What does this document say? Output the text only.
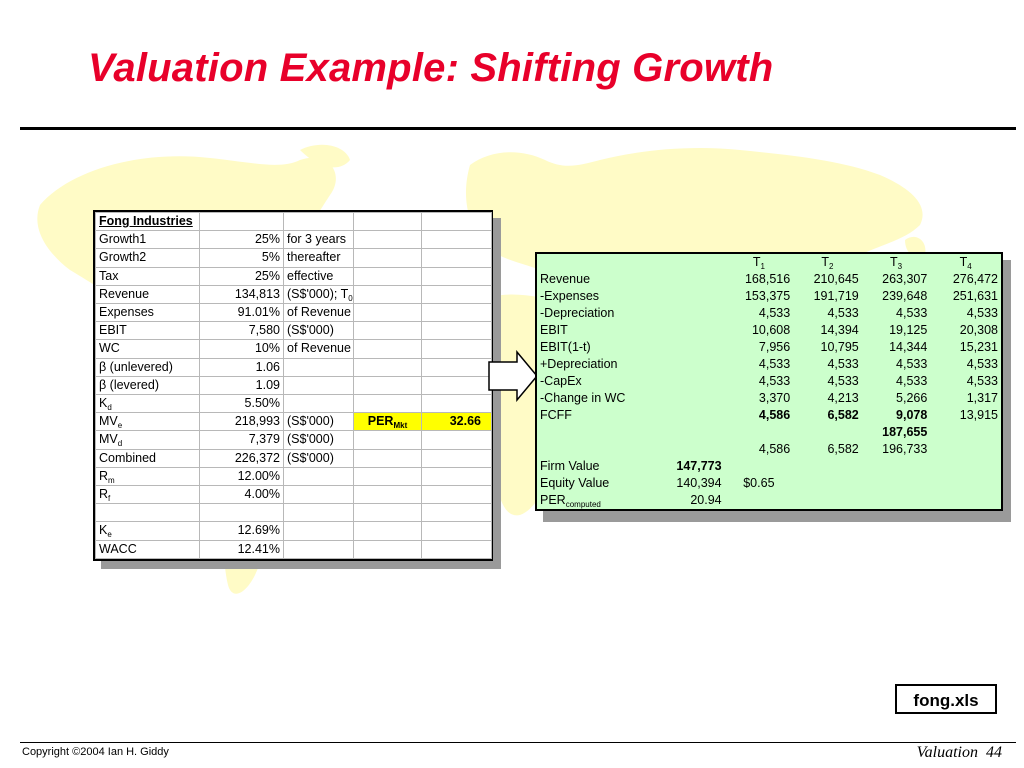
Valuation Example: Shifting Growth
Fong Industries				
Growth1	25%	for 3 years		
Growth2	5%	thereafter		
Tax	25%	effective		
Revenue	134,813	(S$'000); $T_0$		
Expenses	91.01%	of Revenue		
EBIT	7,580	(S$'000)		
WC	10%	of Revenue		
β (unlevered)	1.06			
β (levered)	1.09			
$K_d$	5.50%			
$MV_e$	218,993	(S$'000)	$PER_{Mkt}$	32.66
$MV_d$	7,379	(S$'000)		
Combined	226,372	(S$'000)		
$R_m$	12.00%			
$R_f$	4.00%			

$K_e$	12.69%			
WACC	12.41%			
		$T_1$	$T_2$	$T_3$	$T_4$
Revenue		168,516	210,645	263,307	276,472
-Expenses		153,375	191,719	239,648	251,631
-Depreciation		4,533	4,533	4,533	4,533
EBIT		10,608	14,394	19,125	20,308
EBIT(1-t)		7,956	10,795	14,344	15,231
+Depreciation		4,533	4,533	4,533	4,533
-CapEx		4,533	4,533	4,533	4,533
-Change in WC		3,370	4,213	5,266	1,317
FCFF		4,586	6,582	9,078	13,915
				187,655	
		4,586	6,582	196,733	
Firm Value	147,773				
Equity Value	140,394	$0.65			
$PER_{computed}$	20.94				
fong.xls
Copyright ©2004 Ian H. Giddy	Valuation 44
